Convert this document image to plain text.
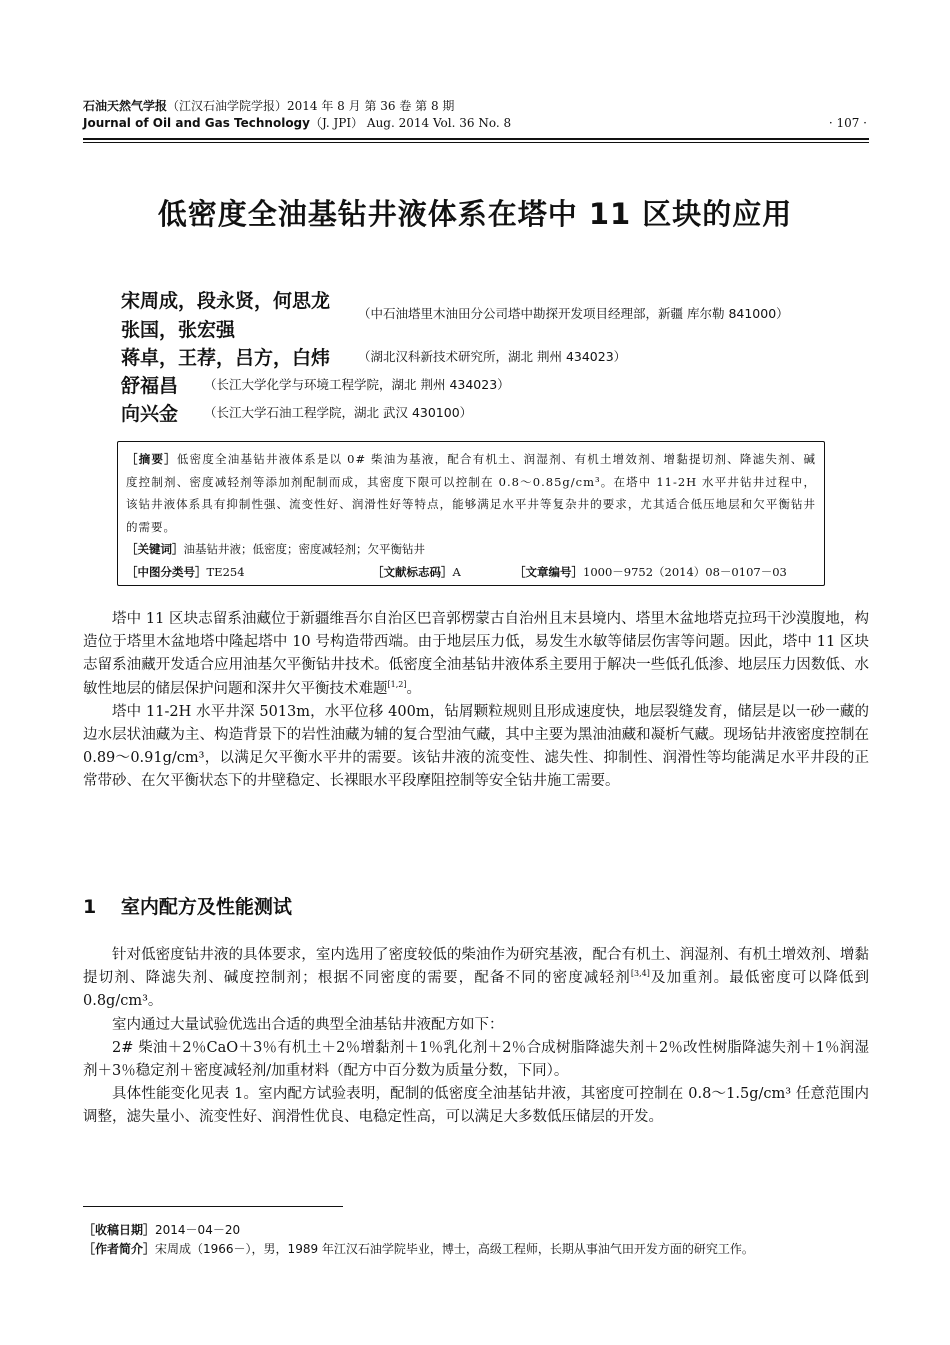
石油天然气学报（江汉石油学院学报）2014 年 8 月 第 36 卷 第 8 期
Journal of Oil and Gas Technology（J. JPI） Aug. 2014 Vol. 36 No. 8	· 107 ·
低密度全油基钻井液体系在塔中 11 区块的应用
宋周成，段永贤，何思龙
张国，张宏强
（中石油塔里木油田分公司塔中勘探开发项目经理部，新疆 库尔勒 841000）
蒋卓，王荐，吕方，白炜 （湖北汉科新技术研究所，湖北 荆州 434023）
舒福昌 （长江大学化学与环境工程学院，湖北 荆州 434023）
向兴金 （长江大学石油工程学院，湖北 武汉 430100）
［摘要］低密度全油基钻井液体系是以 0# 柴油为基液，配合有机土、润湿剂、有机土增效剂、增黏提切剂、降滤失剂、碱度控制剂、密度减轻剂等添加剂配制而成，其密度下限可以控制在 0.8～0.85g/cm³。在塔中 11-2H 水平井钻井过程中，该钻井液体系具有抑制性强、流变性好、润滑性好等特点，能够满足水平井等复杂井的要求，尤其适合低压地层和欠平衡钻井的需要。
［关键词］油基钻井液；低密度；密度减轻剂；欠平衡钻井
［中图分类号］TE254	［文献标志码］A	［文章编号］1000－9752（2014）08－0107－03

塔中 11 区块志留系油藏位于新疆维吾尔自治区巴音郭楞蒙古自治州且末县境内、塔里木盆地塔克拉玛干沙漠腹地，构造位于塔里木盆地塔中隆起塔中 10 号构造带西端。由于地层压力低，易发生水敏等储层伤害等问题。因此，塔中 11 区块志留系油藏开发适合应用油基欠平衡钻井技术。低密度全油基钻井液体系主要用于解决一些低孔低渗、地层压力因数低、水敏性地层的储层保护问题和深井欠平衡技术难题[1,2]。

塔中 11-2H 水平井深 5013m，水平位移 400m，钻屑颗粒规则且形成速度快，地层裂缝发育，储层是以一砂一藏的边水层状油藏为主、构造背景下的岩性油藏为辅的复合型油气藏，其中主要为黑油油藏和凝析气藏。现场钻井液密度控制在 0.89～0.91g/cm³，以满足欠平衡水平井的需要。该钻井液的流变性、滤失性、抑制性、润滑性等均能满足水平井段的正常带砂、在欠平衡状态下的井壁稳定、长裸眼水平段摩阻控制等安全钻井施工需要。

1 室内配方及性能测试

针对低密度钻井液的具体要求，室内选用了密度较低的柴油作为研究基液，配合有机土、润湿剂、有机土增效剂、增黏提切剂、降滤失剂、碱度控制剂；根据不同密度的需要，配备不同的密度减轻剂[3,4]及加重剂。最低密度可以降低到 0.8g/cm³。

室内通过大量试验优选出合适的典型全油基钻井液配方如下：

2# 柴油＋2％CaO＋3％有机土＋2％增黏剂＋1％乳化剂＋2％合成树脂降滤失剂＋2％改性树脂降滤失剂＋1％润湿剂＋3％稳定剂＋密度减轻剂/加重材料（配方中百分数为质量分数，下同）。

具体性能变化见表 1。室内配方试验表明，配制的低密度全油基钻井液，其密度可控制在 0.8～1.5g/cm³ 任意范围内调整，滤失量小、流变性好、润滑性优良、电稳定性高，可以满足大多数低压储层的开发。

［收稿日期］2014－04－20
［作者简介］宋周成（1966－），男，1989 年江汉石油学院毕业，博士，高级工程师，长期从事油气田开发方面的研究工作。
